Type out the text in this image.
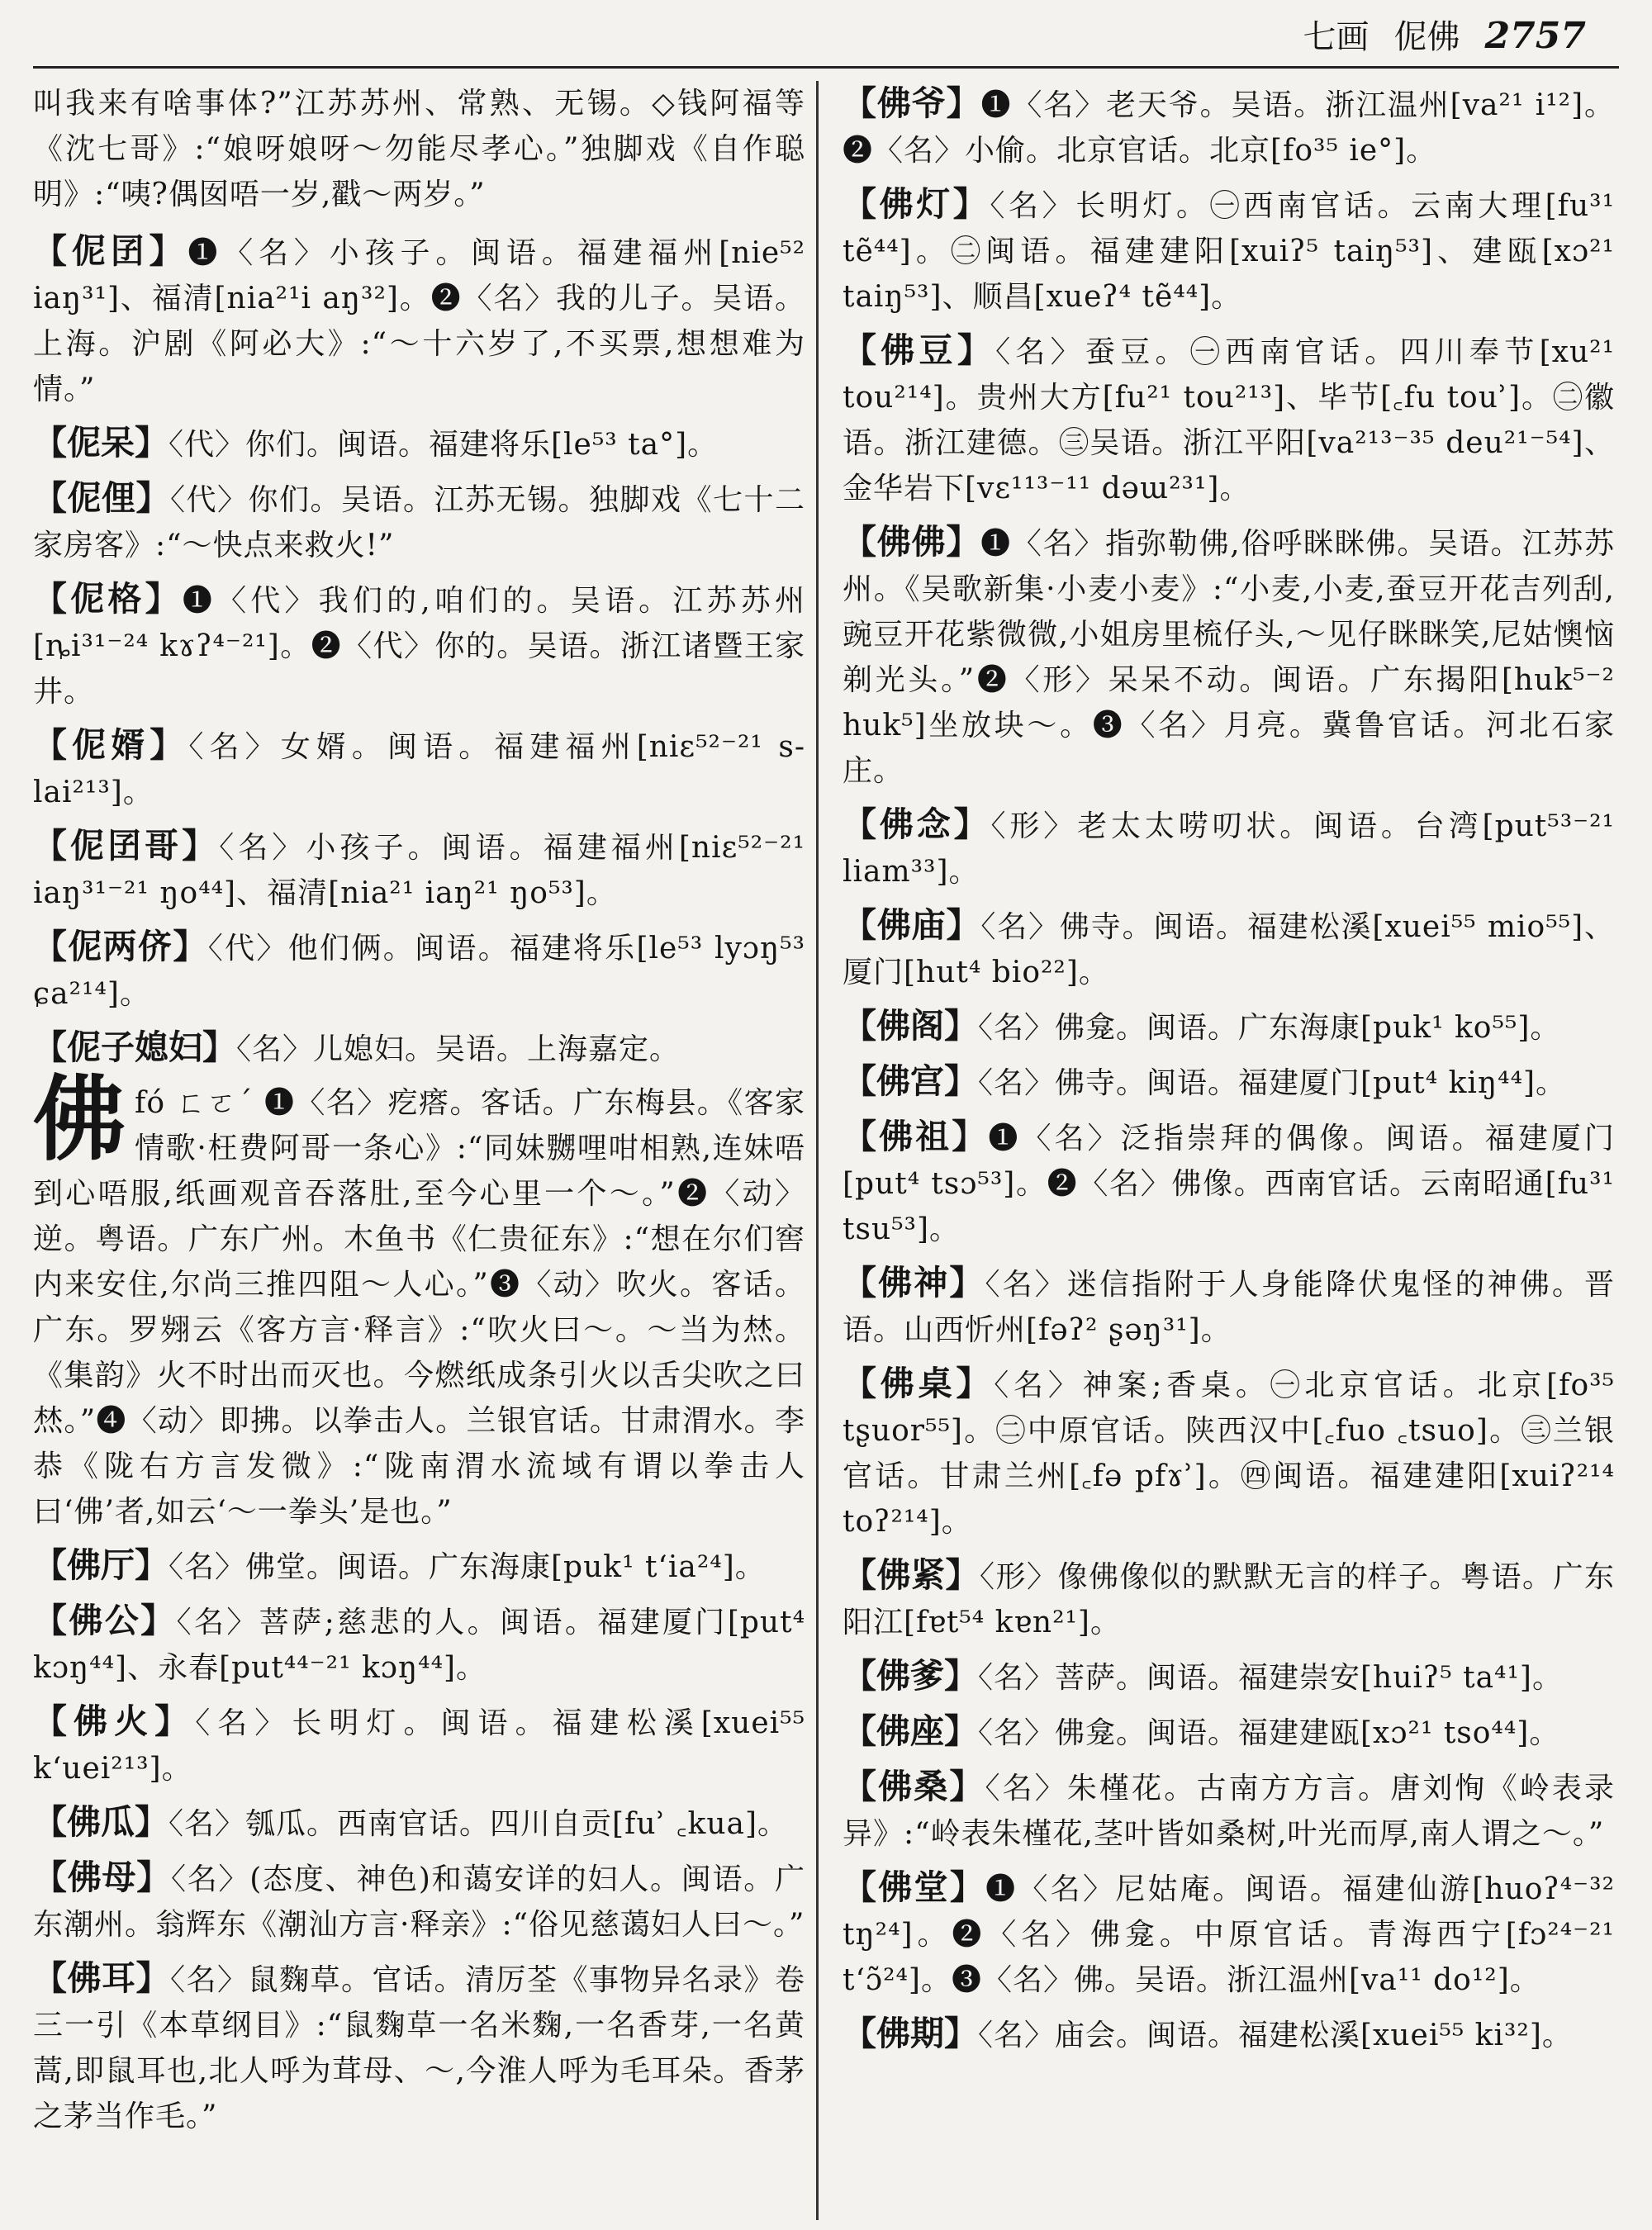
七画 伲佛 2757

叫我来有啥事体?”江苏苏州、常熟、无锡。◇钱阿福等《沈七哥》:“娘呀娘呀～勿能尽孝心。”独脚戏《自作聪明》:“咦?偶囡唔一岁,戳～两岁。”

【伲囝】❶〈名〉小孩子。闽语。福建福州[nie⁵² iaŋ³¹]、福清[nia²¹i aŋ³²]。❷〈名〉我的儿子。吴语。上海。沪剧《阿必大》:“～十六岁了,不买票,想想难为情。”

【伲呆】〈代〉你们。闽语。福建将乐[le⁵³ ta°]。

【伲俚】〈代〉你们。吴语。江苏无锡。独脚戏《七十二家房客》:“～快点来救火!”

【伲格】❶〈代〉我们的,咱们的。吴语。江苏苏州[ȵi³¹⁻²⁴ kɤʔ⁴⁻²¹]。❷〈代〉你的。吴语。浙江诸暨王家井。

【伲婿】〈名〉女婿。闽语。福建福州[niɛ⁵²⁻²¹ s-lai²¹³]。

【伲囝哥】〈名〉小孩子。闽语。福建福州[niɛ⁵²⁻²¹ iaŋ³¹⁻²¹ ŋo⁴⁴]、福清[nia²¹ iaŋ²¹ ŋo⁵³]。

【伲两侪】〈代〉他们俩。闽语。福建将乐[le⁵³ lyɔŋ⁵³ ɕa²¹⁴]。

【伲子媳妇】〈名〉儿媳妇。吴语。上海嘉定。

佛fó ㄈㄛˊ ❶〈名〉疙瘩。客话。广东梅县。《客家情歌·枉费阿哥一条心》:“同妹嬲哩咁相熟,连妹唔到心唔服,纸画观音吞落肚,至今心里一个～。”❷〈动〉逆。粤语。广东广州。木鱼书《仁贵征东》:“想在尔们窖内来安住,尔尚三推四阻～人心。”❸〈动〉吹火。客话。广东。罗翙云《客方言·释言》:“吹火曰～。～当为㷊。《集韵》火不时出而灭也。今燃纸成条引火以舌尖吹之曰㷊。”❹〈动〉即拂。以拳击人。兰银官话。甘肃渭水。李恭《陇右方言发微》:“陇南渭水流域有谓以拳击人曰‘佛’者,如云‘～一拳头’是也。”

【佛厅】〈名〉佛堂。闽语。广东海康[puk¹ t‘ia²⁴]。

【佛公】〈名〉菩萨;慈悲的人。闽语。福建厦门[put⁴ kɔŋ⁴⁴]、永春[put⁴⁴⁻²¹ kɔŋ⁴⁴]。

【佛火】〈名〉长明灯。闽语。福建松溪[xuei⁵⁵ k‘uei²¹³]。

【佛瓜】〈名〉瓠瓜。西南官话。四川自贡[fuʾ ꜀kua]。

【佛母】〈名〉(态度、神色)和蔼安详的妇人。闽语。广东潮州。翁辉东《潮汕方言·释亲》:“俗见慈蔼妇人曰～。”

【佛耳】〈名〉鼠麴草。官话。清厉荃《事物异名录》卷三一引《本草纲目》:“鼠麴草一名米麴,一名香芽,一名黄蒿,即鼠耳也,北人呼为茸母、～,今淮人呼为毛耳朵。香茅之茅当作毛。”

【佛爷】❶〈名〉老天爷。吴语。浙江温州[va²¹ i¹²]。❷〈名〉小偷。北京官话。北京[fo³⁵ ie°]。

【佛灯】〈名〉长明灯。㊀西南官话。云南大理[fu³¹ tẽ⁴⁴]。㊁闽语。福建建阳[xuiʔ⁵ taiŋ⁵³]、建瓯[xɔ²¹ taiŋ⁵³]、顺昌[xueʔ⁴ tẽ⁴⁴]。

【佛豆】〈名〉蚕豆。㊀西南官话。四川奉节[xu²¹ tou²¹⁴]。贵州大方[fu²¹ tou²¹³]、毕节[꜀fu touʾ]。㊁徽语。浙江建德。㊂吴语。浙江平阳[va²¹³⁻³⁵ deu²¹⁻⁵⁴]、金华岩下[vɛ¹¹³⁻¹¹ dəɯ²³¹]。

【佛佛】❶〈名〉指弥勒佛,俗呼眯眯佛。吴语。江苏苏州。《吴歌新集·小麦小麦》:“小麦,小麦,蚕豆开花吉列刮,豌豆开花紫微微,小姐房里梳仔头,～见仔眯眯笑,尼姑懊恼剃光头。”❷〈形〉呆呆不动。闽语。广东揭阳[huk⁵⁻² huk⁵]坐放块～。❸〈名〉月亮。冀鲁官话。河北石家庄。

【佛念】〈形〉老太太唠叨状。闽语。台湾[put⁵³⁻²¹ liam³³]。

【佛庙】〈名〉佛寺。闽语。福建松溪[xuei⁵⁵ mio⁵⁵]、厦门[hut⁴ bio²²]。

【佛阁】〈名〉佛龛。闽语。广东海康[puk¹ ko⁵⁵]。

【佛宫】〈名〉佛寺。闽语。福建厦门[put⁴ kiŋ⁴⁴]。

【佛祖】❶〈名〉泛指崇拜的偶像。闽语。福建厦门[put⁴ tsɔ⁵³]。❷〈名〉佛像。西南官话。云南昭通[fu³¹ tsu⁵³]。

【佛神】〈名〉迷信指附于人身能降伏鬼怪的神佛。晋语。山西忻州[fəʔ² ʂəŋ³¹]。

【佛桌】〈名〉神案;香桌。㊀北京官话。北京[fo³⁵ tʂuor⁵⁵]。㊁中原官话。陕西汉中[꜀fuo ꜀tsuo]。㊂兰银官话。甘肃兰州[꜀fə pfɤʾ]。㊃闽语。福建建阳[xuiʔ²¹⁴ toʔ²¹⁴]。

【佛紧】〈形〉像佛像似的默默无言的样子。粤语。广东阳江[fɐt⁵⁴ kɐn²¹]。

【佛爹】〈名〉菩萨。闽语。福建崇安[huiʔ⁵ ta⁴¹]。

【佛座】〈名〉佛龛。闽语。福建建瓯[xɔ²¹ tso⁴⁴]。

【佛桑】〈名〉朱槿花。古南方方言。唐刘恂《岭表录异》:“岭表朱槿花,茎叶皆如桑树,叶光而厚,南人谓之～。”

【佛堂】❶〈名〉尼姑庵。闽语。福建仙游[huoʔ⁴⁻³² tŋ²⁴]。❷〈名〉佛龛。中原官话。青海西宁[fɔ²⁴⁻²¹ t‘ɔ̃²⁴]。❸〈名〉佛。吴语。浙江温州[va¹¹ do¹²]。

【佛期】〈名〉庙会。闽语。福建松溪[xuei⁵⁵ ki³²]。
